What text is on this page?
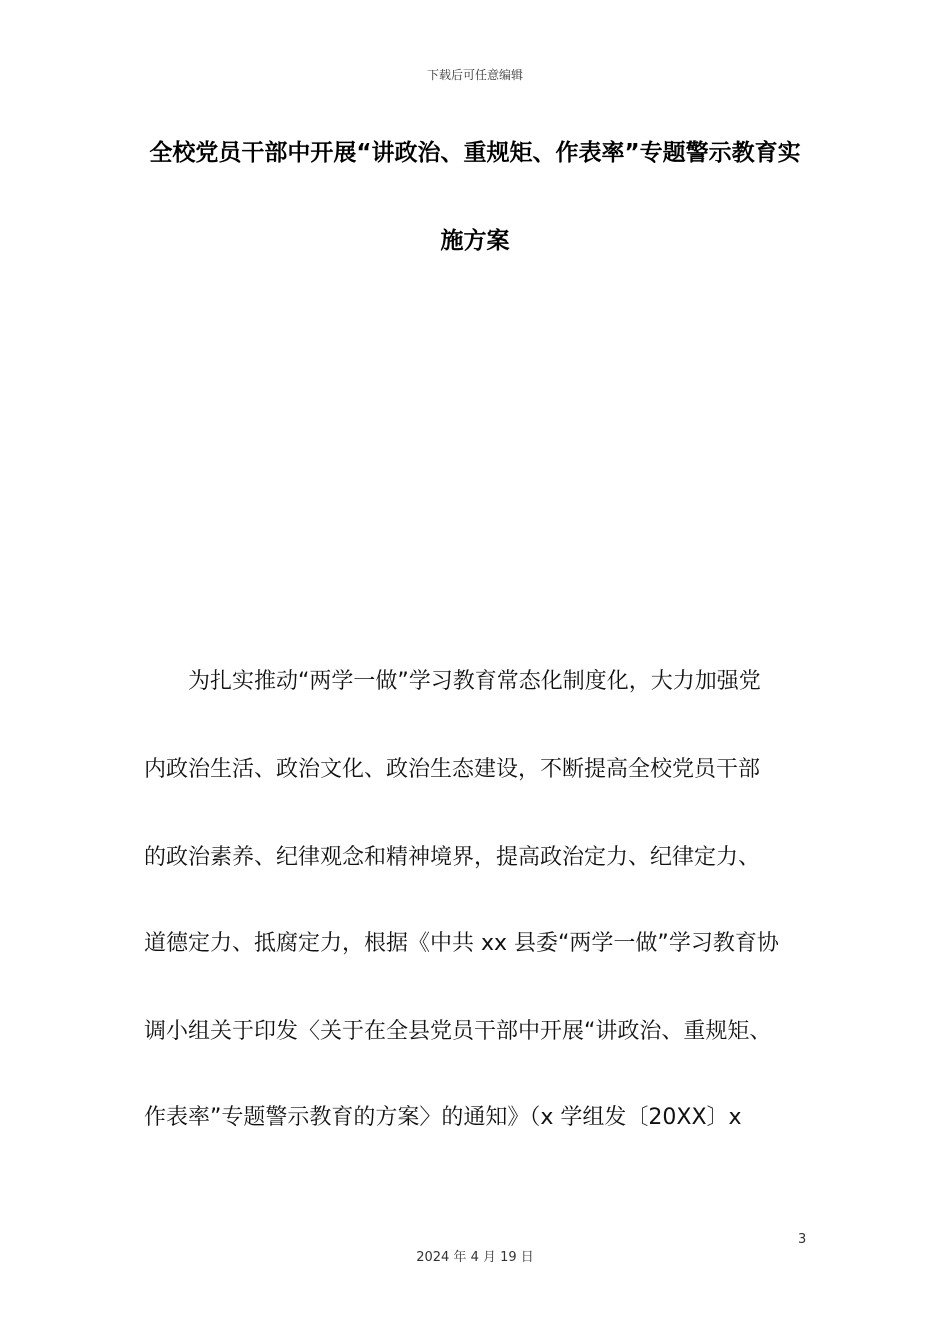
下载后可任意编辑
全校党员干部中开展“讲政治、重规矩、作表率”专题警示教育实
施方案
为扎实推动“两学一做”学习教育常态化制度化，大力加强党
内政治生活、政治文化、政治生态建设，不断提高全校党员干部
的政治素养、纪律观念和精神境界，提高政治定力、纪律定力、
道德定力、抵腐定力，根据《中共 xx 县委“两学一做”学习教育协
调小组关于印发〈关于在全县党员干部中开展“讲政治、重规矩、
作表率”专题警示教育的方案〉的通知》（x 学组发〔20XX〕x
3
2024 年 4 月 19 日
